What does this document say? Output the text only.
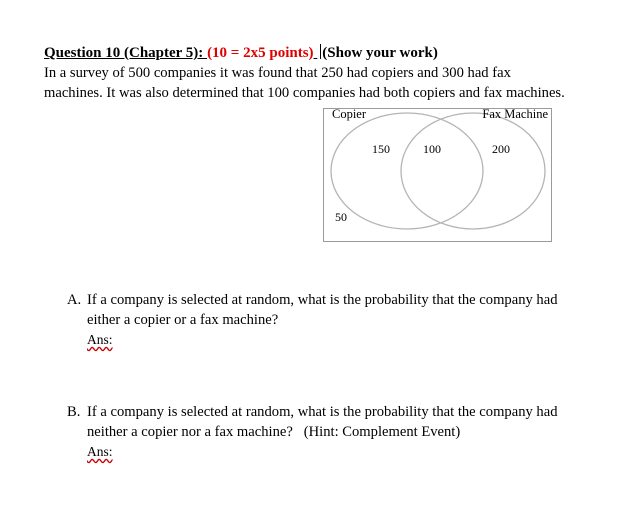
Question 10 (Chapter 5): (10 = 2x5 points) (Show your work)
In a survey of 500 companies it was found that 250 had copiers and 300 had fax
machines. It was also determined that 100 companies had both copiers and fax machines.
Copier	Fax Machine
150	100	200
50
A. If a company is selected at random, what is the probability that the company had
either a copier or a fax machine?
Ans:
B. If a company is selected at random, what is the probability that the company had
neither a copier nor a fax machine?   (Hint: Complement Event)
Ans:
